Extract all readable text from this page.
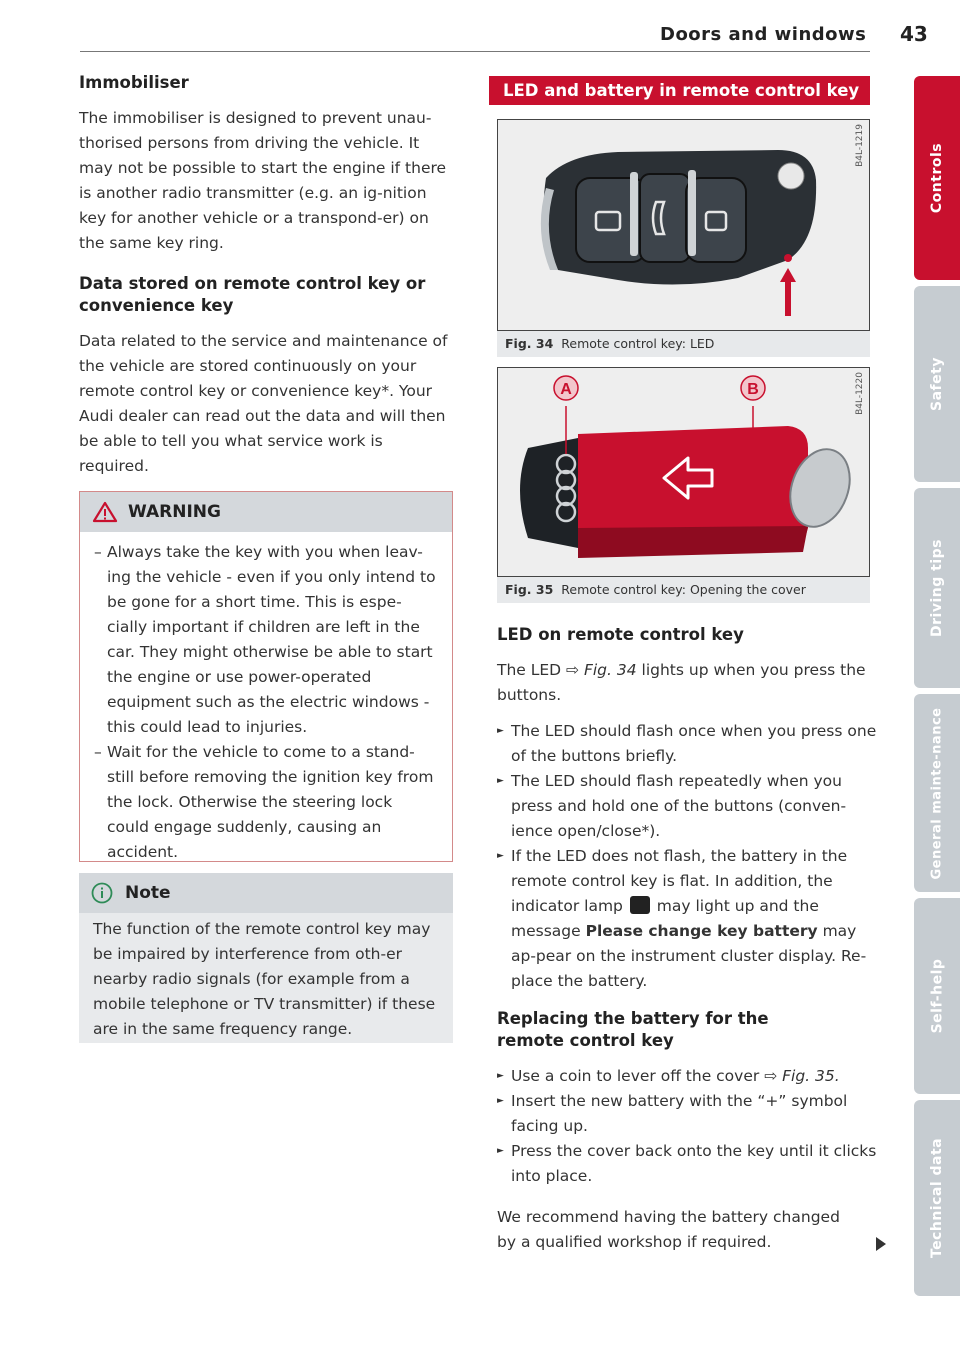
Doors and windows 43
Controls
Safety
Driving tips
General mainte-nance
Self-help
Technical data
Immobiliser
The immobiliser is designed to prevent unau-thorised persons from driving the vehicle. It may not be possible to start the engine if there is another radio transmitter (e.g. an ig-nition key for another vehicle or a transpond-er) on the same key ring.
Data stored on remote control key or convenience key
Data related to the service and maintenance of the vehicle are stored continuously on your remote control key or convenience key*. Your Audi dealer can read out the data and will then be able to tell you what service work is required.
WARNING
– Always take the key with you when leav-ing the vehicle - even if you only intend to be gone for a short time. This is espe-cially important if children are left in the car. They might otherwise be able to start the engine or use power-operated equipment such as the electric windows - this could lead to injuries.
– Wait for the vehicle to come to a stand-still before removing the ignition key from the lock. Otherwise the steering lock could engage suddenly, causing an accident.
Note
The function of the remote control key may be impaired by interference from oth-er nearby radio signals (for example from a mobile telephone or TV transmitter) if these are in the same frequency range.
LED and battery in remote control key
B4L-1219
Fig. 34 Remote control key: LED
A	B	B4L-1220
Fig. 35 Remote control key: Opening the cover
LED on remote control key
The LED ⇨ Fig. 34 lights up when you press the buttons.
► The LED should flash once when you press one of the buttons briefly.
► The LED should flash repeatedly when you press and hold one of the buttons (conven-ience open/close*).
► If the LED does not flash, the battery in the remote control key is flat. In addition, the indicator lamp may light up and the message Please change key battery may ap-pear on the instrument cluster display. Re-place the battery.
Replacing the battery for the remote control key
► Use a coin to lever off the cover ⇨ Fig. 35.
► Insert the new battery with the “+” symbol facing up.
► Press the cover back onto the key until it clicks into place.
We recommend having the battery changed by a qualified workshop if required.
